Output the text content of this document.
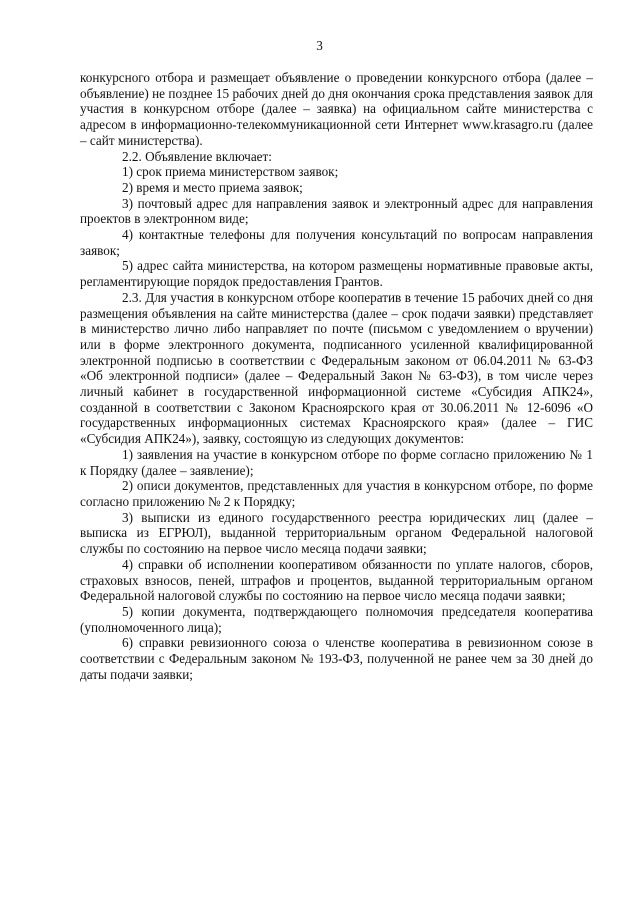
3

конкурсного отбора и размещает объявление о проведении конкурсного отбора (далее – объявление) не позднее 15 рабочих дней до дня окончания срока представления заявок для участия в конкурсном отборе (далее – заявка) на официальном сайте министерства с адресом в информационно-телекоммуникационной сети Интернет www.krasagro.ru (далее – сайт министерства).

2.2. Объявление включает:

1) срок приема министерством заявок;

2) время и место приема заявок;

3) почтовый адрес для направления заявок и электронный адрес для направления проектов в электронном виде;

4) контактные телефоны для получения консультаций по вопросам направления заявок;

5) адрес сайта министерства, на котором размещены нормативные правовые акты, регламентирующие порядок предоставления Грантов.

2.3. Для участия в конкурсном отборе кооператив в течение 15 рабочих дней со дня размещения объявления на сайте министерства (далее – срок подачи заявки) представляет в министерство лично либо направляет по почте (письмом с уведомлением о вручении) или в форме электронного документа, подписанного усиленной квалифицированной электронной подписью в соответствии с Федеральным законом от 06.04.2011 № 63-ФЗ «Об электронной подписи» (далее – Федеральный Закон № 63-ФЗ), в том числе через личный кабинет в государственной информационной системе «Субсидия АПК24», созданной в соответствии с Законом Красноярского края от 30.06.2011 № 12-6096 «О государственных информационных системах Красноярского края» (далее – ГИС «Субсидия АПК24»), заявку, состоящую из следующих документов:

1) заявления на участие в конкурсном отборе по форме согласно приложению № 1 к Порядку (далее – заявление);

2) описи документов, представленных для участия в конкурсном отборе, по форме согласно приложению № 2 к Порядку;

3) выписки из единого государственного реестра юридических лиц (далее – выписка из ЕГРЮЛ), выданной территориальным органом Федеральной налоговой службы по состоянию на первое число месяца подачи заявки;

4) справки об исполнении кооперативом обязанности по уплате налогов, сборов, страховых взносов, пеней, штрафов и процентов, выданной территориальным органом Федеральной налоговой службы по состоянию на первое число месяца подачи заявки;

5) копии документа, подтверждающего полномочия председателя кооператива (уполномоченного лица);

6) справки ревизионного союза о членстве кооператива в ревизионном союзе в соответствии с Федеральным законом № 193-ФЗ, полученной не ранее чем за 30 дней до даты подачи заявки;
